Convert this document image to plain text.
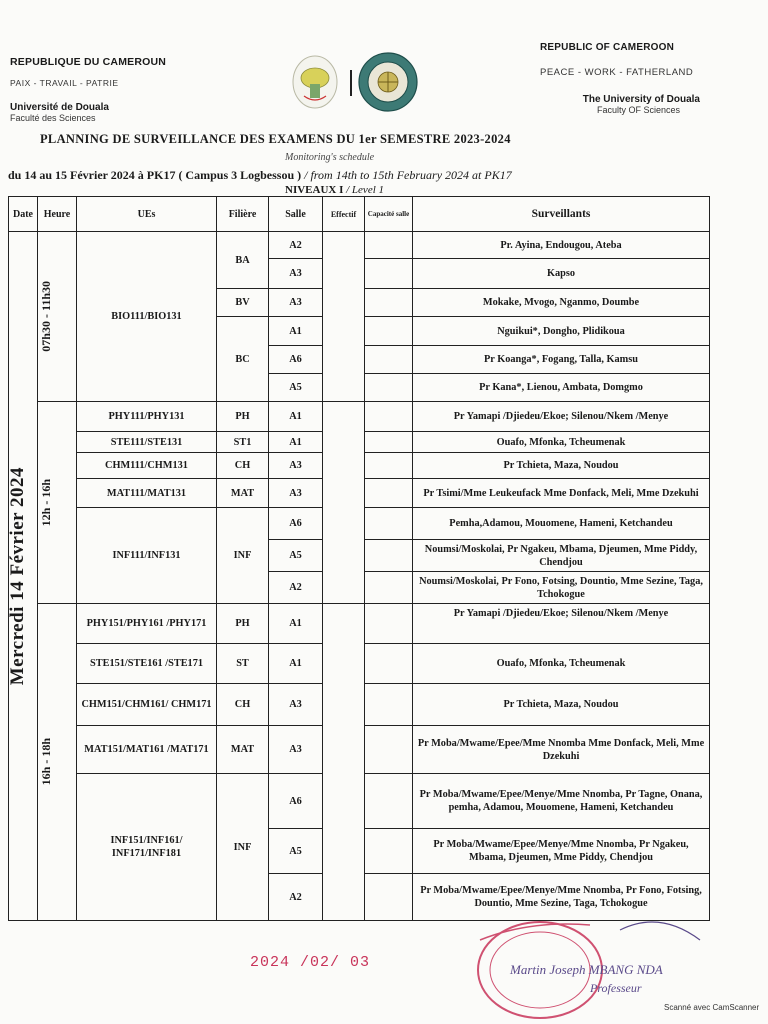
REPUBLIQUE DU CAMEROUN
PAIX - TRAVAIL - PATRIE
Université de Douala
Faculté des Sciences
REPUBLIC OF CAMEROON
PEACE - WORK - FATHERLAND
The University of Douala
Faculty OF Sciences
PLANNING DE SURVEILLANCE DES EXAMENS DU 1er SEMESTRE 2023-2024
Monitoring's schedule
du 14 au 15 Février 2024 à PK17 ( Campus 3 Logbessou ) / from 14th to 15th February 2024 at PK17
NIVEAUX I / Level 1
Date	Heure	UEs	Filière	Salle	Effectif	Capacité salle	Surveillants

Mercredi 14 Février 2024	07h30 - 11h30	BIO111/BIO131	BA	A2			Pr. Ayina, Endougou, Ateba
				A3			Kapso
			BV	A3			Mokake, Mvogo, Nganmo, Doumbe
			BC	A1			Nguikui*, Dongho, Plidikoua
				A6			Pr Koanga*, Fogang, Talla, Kamsu
				A5			Pr Kana*, Lienou, Ambata, Domgmo

	12h - 16h	PHY111/PHY131	PH	A1			Pr Yamapi /Djiedeu/Ekoe; Silenou/Nkem /Menye
		STE111/STE131	ST1	A1			Ouafo, Mfonka, Tcheumenak
		CHM111/CHM131	CH	A3			Pr Tchieta, Maza, Noudou
		MAT111/MAT131	MAT	A3			Pr Tsimi/Mme Leukeufack Mme Donfack, Meli, Mme Dzekuhi
		INF111/INF131	INF	A6			Pemha,Adamou, Mouomene, Hameni, Ketchandeu
				A5			Noumsi/Moskolai, Pr Ngakeu, Mbama, Djeumen, Mme Piddy, Chendjou
				A2			Noumsi/Moskolai, Pr Fono, Fotsing, Dountio, Mme Sezine, Taga, Tchokogue

	16h - 18h	PHY151/PHY161 /PHY171	PH	A1			Pr Yamapi /Djiedeu/Ekoe; Silenou/Nkem /Menye
		STE151/STE161 /STE171	ST	A1			Ouafo, Mfonka, Tcheumenak
		CHM151/CHM161/ CHM171	CH	A3			Pr Tchieta, Maza, Noudou
		MAT151/MAT161 /MAT171	MAT	A3			Pr Moba/Mwame/Epee/Mme Nnomba Mme Donfack, Meli, Mme Dzekuhi
		INF151/INF161/ INF171/INF181	INF	A6			Pr Moba/Mwame/Epee/Menye/Mme Nnomba, Pr Tagne, Onana, pemha, Adamou, Mouomene, Hameni, Ketchandeu
				A5			Pr Moba/Mwame/Epee/Menye/Mme Nnomba, Pr Ngakeu, Mbama, Djeumen, Mme Piddy, Chendjou
				A2			Pr Moba/Mwame/Epee/Menye/Mme Nnomba, Pr Fono, Fotsing, Dountio, Mme Sezine, Taga, Tchokogue
2024 /02/ 03	Martin Joseph MBANG NDA
Professeur
Scanné avec CamScanner
